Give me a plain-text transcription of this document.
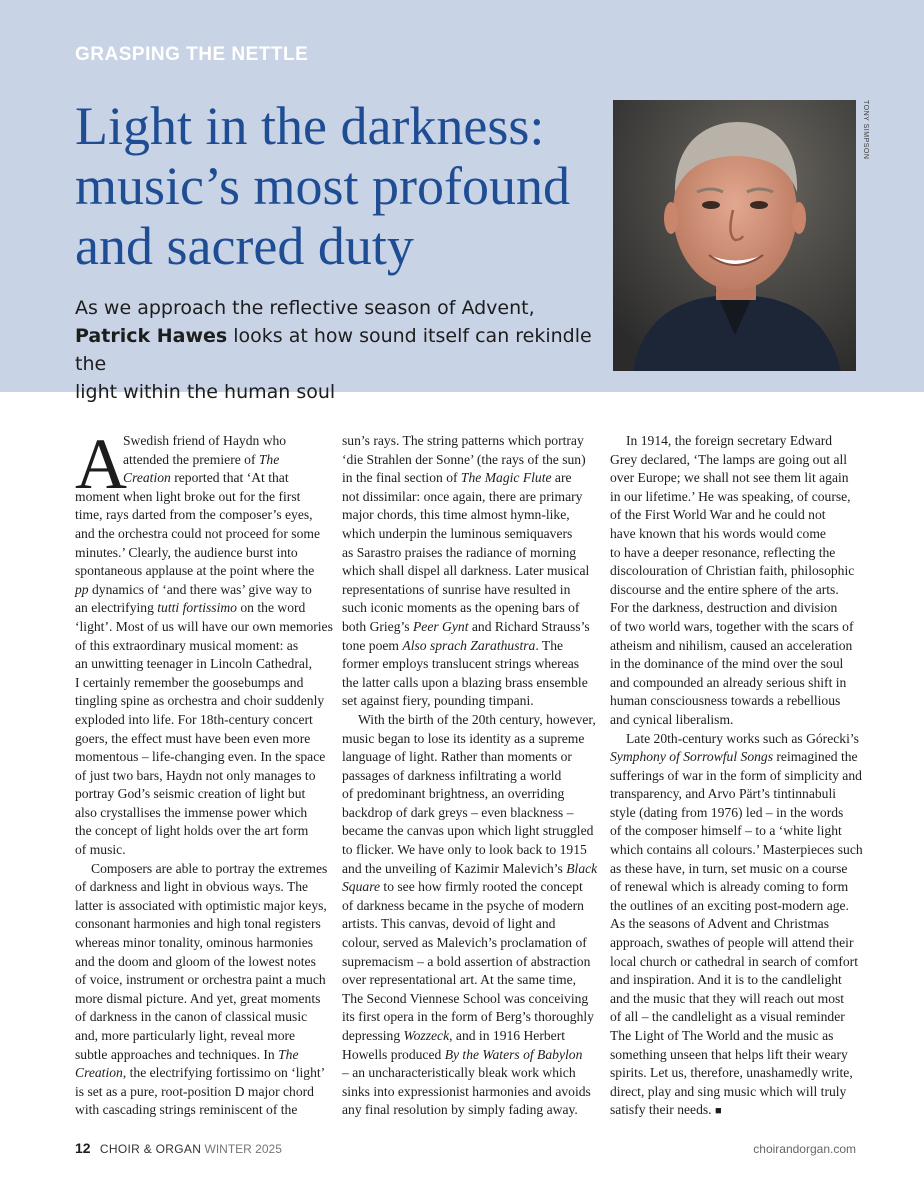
GRASPING THE NETTLE
Light in the darkness:
music’s most profound
and sacred duty
As we approach the reflective season of Advent,
Patrick Hawes looks at how sound itself can rekindle the
light within the human soul
TONY SIMPSON
A
Swedish friend of Haydn who
attended the premiere of The
Creation reported that ‘At that
moment when light broke out for the first
time, rays darted from the composer’s eyes,
and the orchestra could not proceed for some
minutes.’ Clearly, the audience burst into
spontaneous applause at the point where the
pp dynamics of ‘and there was’ give way to
an electrifying tutti fortissimo on the word
‘light’. Most of us will have our own memories
of this extraordinary musical moment: as
an unwitting teenager in Lincoln Cathedral,
I certainly remember the goosebumps and
tingling spine as orchestra and choir suddenly
exploded into life. For 18th-century concert
goers, the effect must have been even more
momentous – life-changing even. In the space
of just two bars, Haydn not only manages to
portray God’s seismic creation of light but
also crystallises the immense power which
the concept of light holds over the art form
of music.
Composers are able to portray the extremes
of darkness and light in obvious ways. The
latter is associated with optimistic major keys,
consonant harmonies and high tonal registers
whereas minor tonality, ominous harmonies
and the doom and gloom of the lowest notes
of voice, instrument or orchestra paint a much
more dismal picture. And yet, great moments
of darkness in the canon of classical music
and, more particularly light, reveal more
subtle approaches and techniques. In The
Creation, the electrifying fortissimo on ‘light’
is set as a pure, root-position D major chord
with cascading strings reminiscent of the
sun’s rays. The string patterns which portray
‘die Strahlen der Sonne’ (the rays of the sun)
in the final section of The Magic Flute are
not dissimilar: once again, there are primary
major chords, this time almost hymn-like,
which underpin the luminous semiquavers
as Sarastro praises the radiance of morning
which shall dispel all darkness. Later musical
representations of sunrise have resulted in
such iconic moments as the opening bars of
both Grieg’s Peer Gynt and Richard Strauss’s
tone poem Also sprach Zarathustra. The
former employs translucent strings whereas
the latter calls upon a blazing brass ensemble
set against fiery, pounding timpani.
With the birth of the 20th century, however,
music began to lose its identity as a supreme
language of light. Rather than moments or
passages of darkness infiltrating a world
of predominant brightness, an overriding
backdrop of dark greys – even blackness –
became the canvas upon which light struggled
to flicker. We have only to look back to 1915
and the unveiling of Kazimir Malevich’s Black
Square to see how firmly rooted the concept
of darkness became in the psyche of modern
artists. This canvas, devoid of light and
colour, served as Malevich’s proclamation of
supremacism – a bold assertion of abstraction
over representational art. At the same time,
The Second Viennese School was conceiving
its first opera in the form of Berg’s thoroughly
depressing Wozzeck, and in 1916 Herbert
Howells produced By the Waters of Babylon
– an uncharacteristically bleak work which
sinks into expressionist harmonies and avoids
any final resolution by simply fading away.
In 1914, the foreign secretary Edward
Grey declared, ‘The lamps are going out all
over Europe; we shall not see them lit again
in our lifetime.’ He was speaking, of course,
of the First World War and he could not
have known that his words would come
to have a deeper resonance, reflecting the
discolouration of Christian faith, philosophic
discourse and the entire sphere of the arts.
For the darkness, destruction and division
of two world wars, together with the scars of
atheism and nihilism, caused an acceleration
in the dominance of the mind over the soul
and compounded an already serious shift in
human consciousness towards a rebellious
and cynical liberalism.
Late 20th-century works such as Górecki’s
Symphony of Sorrowful Songs reimagined the
sufferings of war in the form of simplicity and
transparency, and Arvo Pärt’s tintinnabuli
style (dating from 1976) led – in the words
of the composer himself – to a ‘white light
which contains all colours.’ Masterpieces such
as these have, in turn, set music on a course
of renewal which is already coming to form
the outlines of an exciting post-modern age.
As the seasons of Advent and Christmas
approach, swathes of people will attend their
local church or cathedral in search of comfort
and inspiration. And it is to the candlelight
and the music that they will reach out most
of all – the candlelight as a visual reminder
The Light of The World and the music as
something unseen that helps lift their weary
spirits. Let us, therefore, unashamedly write,
direct, play and sing music which will truly
satisfy their needs. ■
12 CHOIR & ORGAN WINTER 2025	choirandorgan.com
